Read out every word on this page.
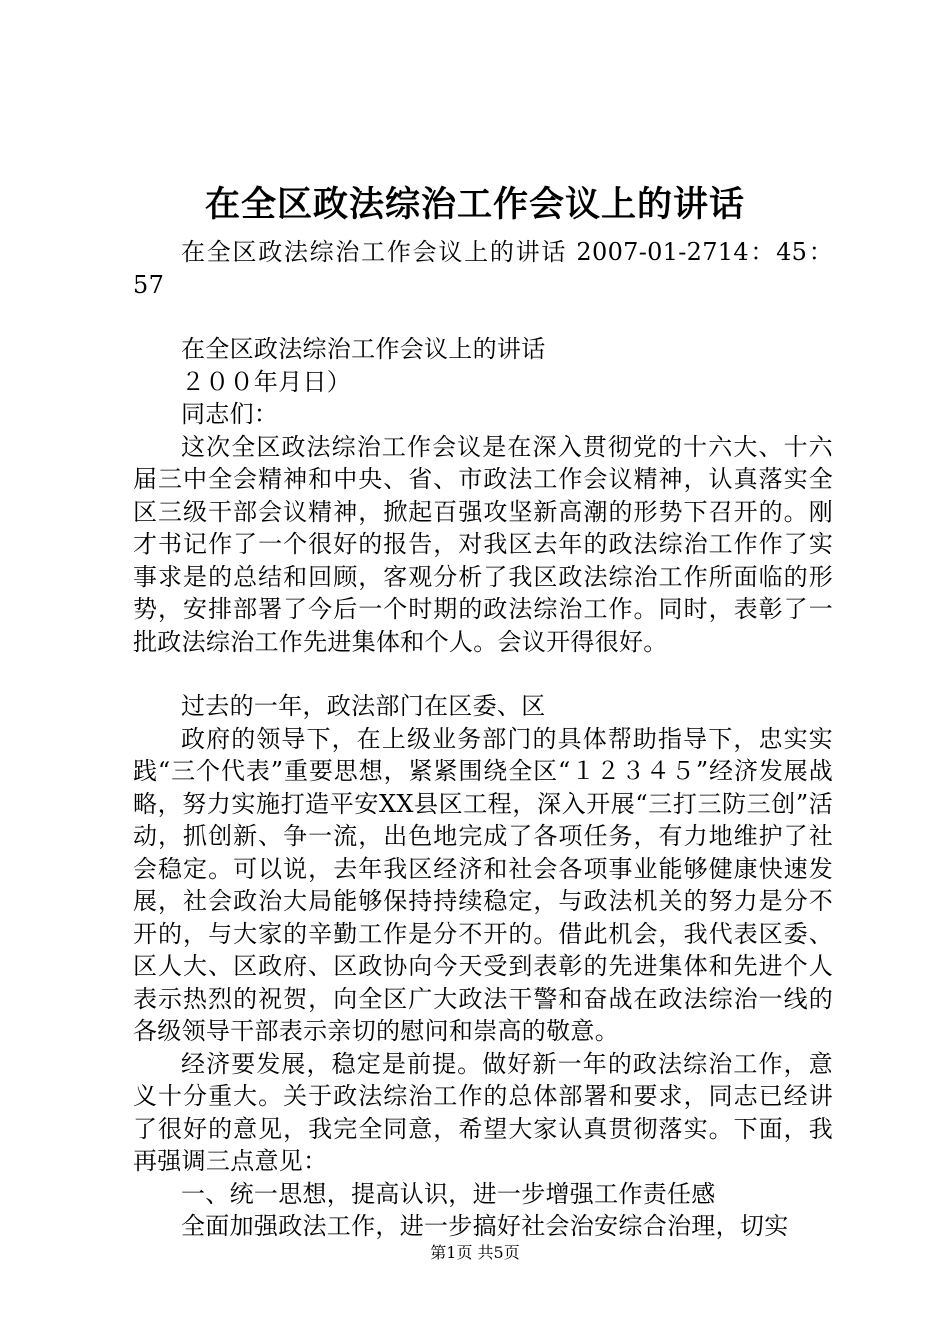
在全区政法综治工作会议上的讲话

在全区政法综治工作会议上的讲话 2007-01-2714：45：57

在全区政法综治工作会议上的讲话

２００年月日）

同志们：

这次全区政法综治工作会议是在深入贯彻党的十六大、十六届三中全会精神和中央、省、市政法工作会议精神，认真落实全区三级干部会议精神，掀起百强攻坚新高潮的形势下召开的。刚才书记作了一个很好的报告，对我区去年的政法综治工作作了实事求是的总结和回顾，客观分析了我区政法综治工作所面临的形势，安排部署了今后一个时期的政法综治工作。同时，表彰了一批政法综治工作先进集体和个人。会议开得很好。

过去的一年，政法部门在区委、区

政府的领导下，在上级业务部门的具体帮助指导下，忠实实践“三个代表”重要思想，紧紧围绕全区“１２３４５”经济发展战略，努力实施打造平安XX县区工程，深入开展“三打三防三创”活动，抓创新、争一流，出色地完成了各项任务，有力地维护了社会稳定。可以说，去年我区经济和社会各项事业能够健康快速发展，社会政治大局能够保持持续稳定，与政法机关的努力是分不开的，与大家的辛勤工作是分不开的。借此机会，我代表区委、区人大、区政府、区政协向今天受到表彰的先进集体和先进个人表示热烈的祝贺，向全区广大政法干警和奋战在政法综治一线的各级领导干部表示亲切的慰问和崇高的敬意。

经济要发展，稳定是前提。做好新一年的政法综治工作，意义十分重大。关于政法综治工作的总体部署和要求，同志已经讲了很好的意见，我完全同意，希望大家认真贯彻落实。下面，我再强调三点意见：

一、统一思想，提高认识，进一步增强工作责任感

全面加强政法工作，进一步搞好社会治安综合治理，切实

第1页 共5页
